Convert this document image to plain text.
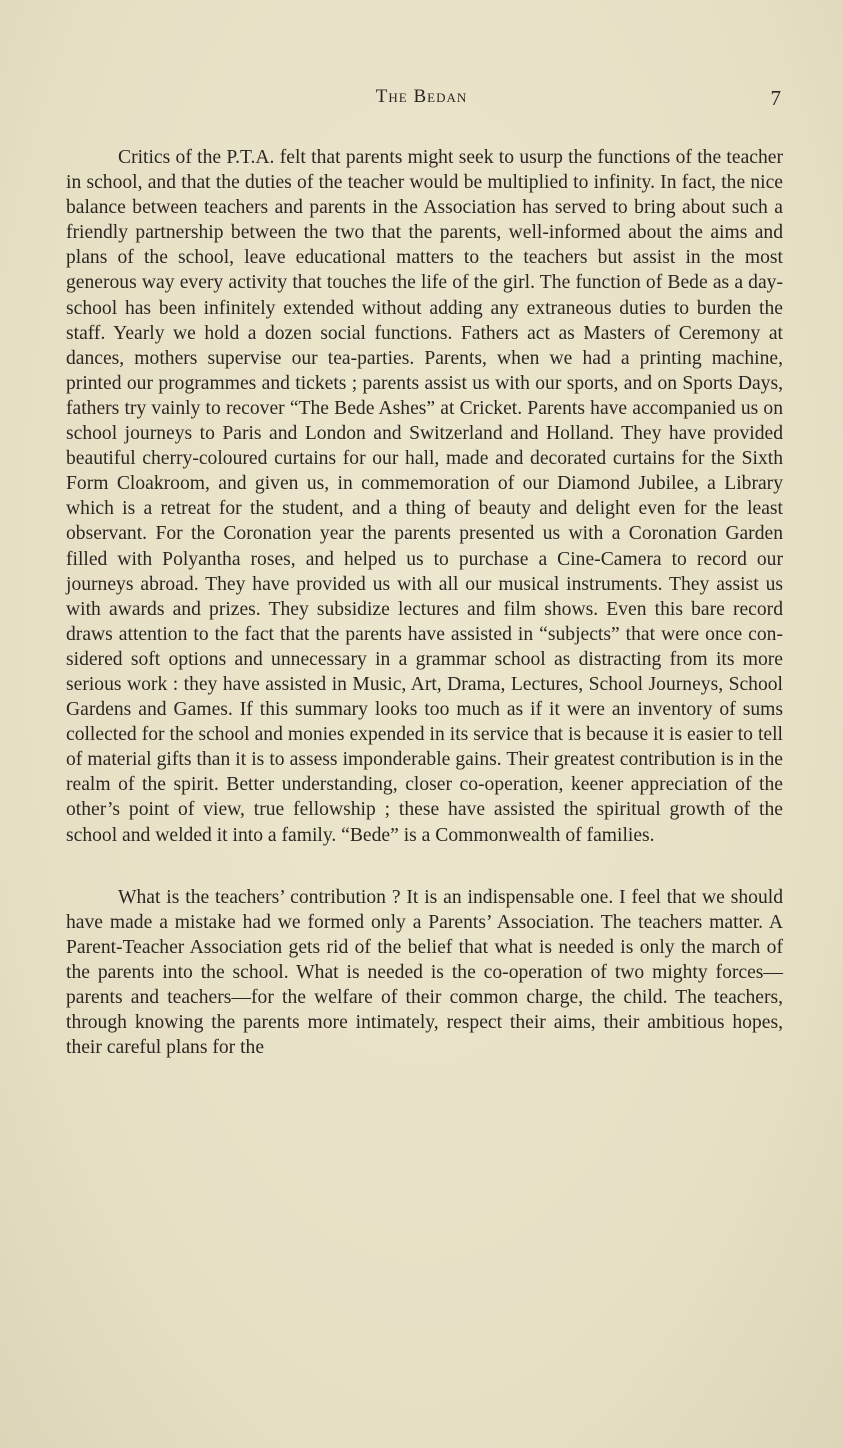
The Bedan	7

Critics of the P.T.A. felt that parents might seek to usurp the functions of the teacher in school, and that the duties of the teacher would be multiplied to infinity. In fact, the nice balance between teachers and parents in the Association has served to bring about such a friendly partnership between the two that the parents, well-informed about the aims and plans of the school, leave educational matters to the teachers but assist in the most generous way every activity that touches the life of the girl. The function of Bede as a day-school has been infinitely extended without adding any extraneous duties to burden the staff. Yearly we hold a dozen social functions. Fathers act as Masters of Ceremony at dances, mothers supervise our tea-parties. Parents, when we had a printing machine, printed our programmes and tickets ; parents assist us with our sports, and on Sports Days, fathers try vainly to recover “The Bede Ashes” at Cricket. Parents have accompanied us on school journeys to Paris and London and Switzerland and Holland. They have provided beautiful cherry-coloured curtains for our hall, made and decorated curtains for the Sixth Form Cloakroom, and given us, in commemoration of our Diamond Jubilee, a Library which is a retreat for the student, and a thing of beauty and delight even for the least observant. For the Coronation year the parents presented us with a Coronation Garden filled with Polyantha roses, and helped us to purchase a Cine-Camera to record our journeys abroad. They have provided us with all our musical instruments. They assist us with awards and prizes. They subsidize lectures and film shows. Even this bare record draws attention to the fact that the parents have assisted in “subjects” that were once considered soft options and unnecessary in a grammar school as distracting from its more serious work : they have assisted in Music, Art, Drama, Lectures, School Journeys, School Gardens and Games. If this summary looks too much as if it were an inventory of sums collected for the school and monies expended in its service that is because it is easier to tell of material gifts than it is to assess imponderable gains. Their greatest contribution is in the realm of the spirit. Better understanding, closer co-operation, keener appreciation of the other’s point of view, true fellowship ; these have assisted the spiritual growth of the school and welded it into a family. “Bede” is a Commonwealth of families.

What is the teachers’ contribution ? It is an indispensable one. I feel that we should have made a mistake had we formed only a Parents’ Association. The teachers matter. A Parent-Teacher Association gets rid of the belief that what is needed is only the march of the parents into the school. What is needed is the co-operation of two mighty forces—parents and teachers—for the welfare of their common charge, the child. The teachers, through knowing the parents more intimately, respect their aims, their ambitious hopes, their careful plans for the
